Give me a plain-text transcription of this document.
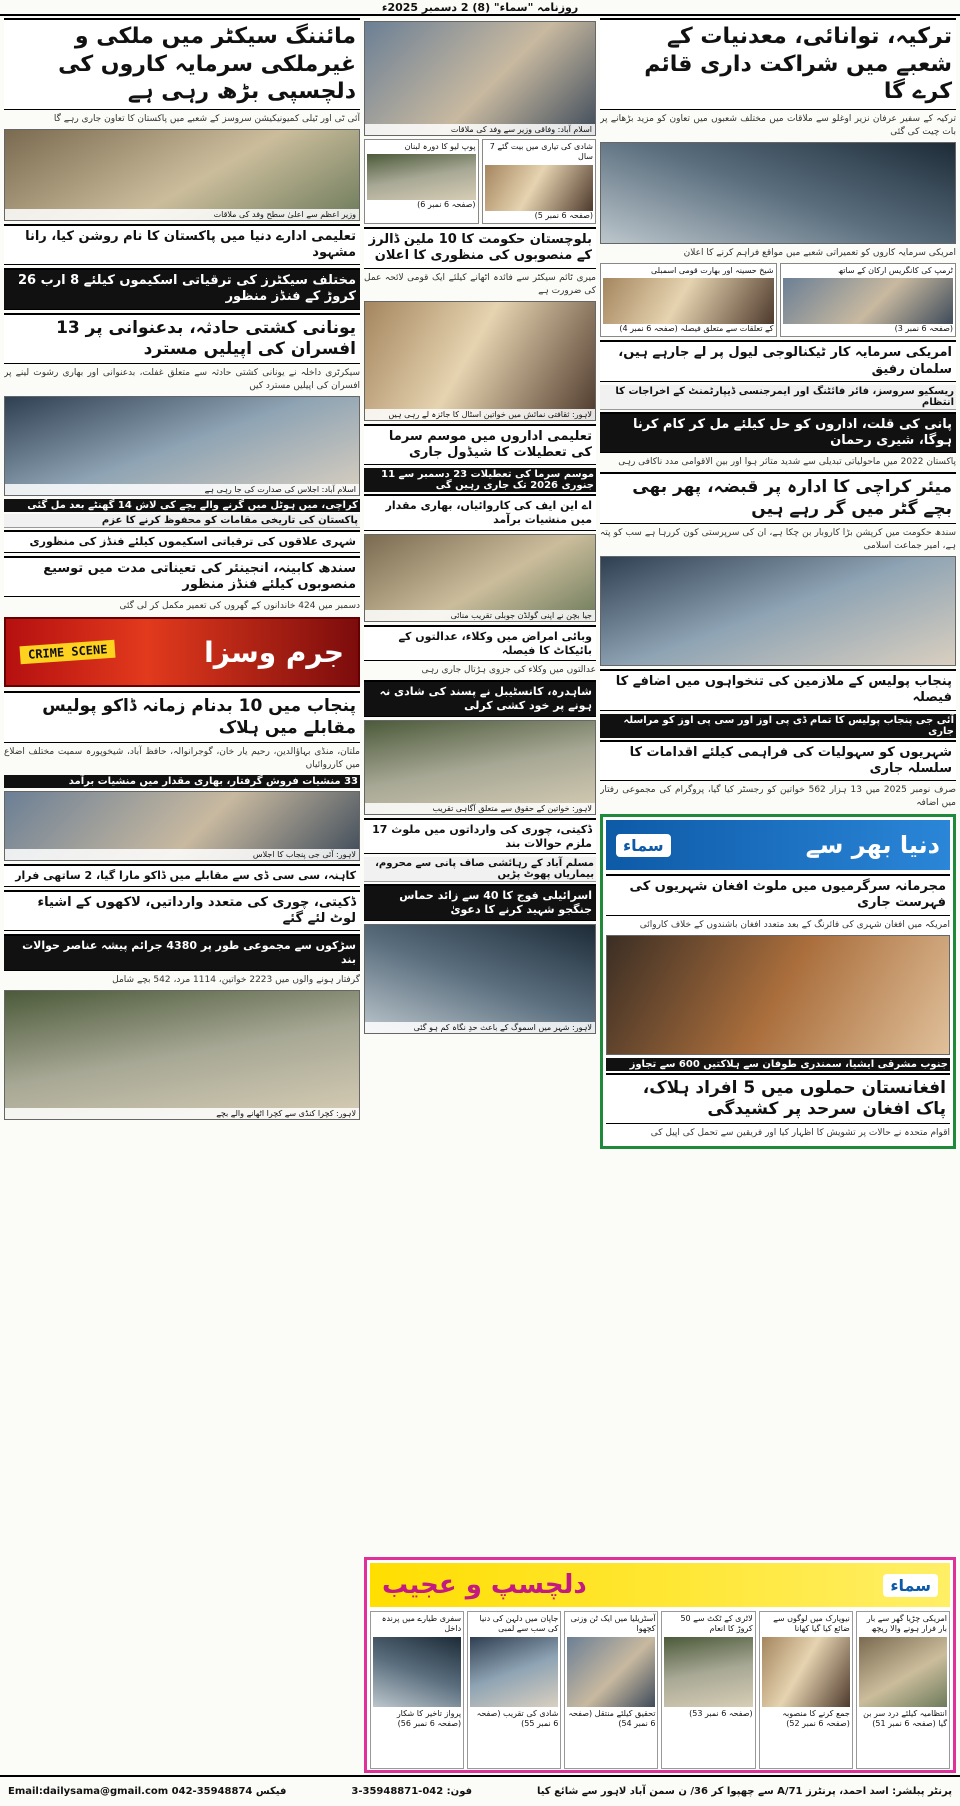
روزنامہ "سماء" (8) 2 دسمبر 2025ء
ترکیہ، توانائی، معدنیات کے شعبے میں شراکت داری قائم کرے گا
ترکیہ کے سفیر عرفان نزیر اوغلو سے ملاقات میں مختلف شعبوں میں تعاون کو مزید بڑھانے پر بات چیت کی گئی
امریکی سرمایہ کاروں کو تعمیراتی شعبے میں مواقع فراہم کرنے کا اعلان
ٹرمپ کی کانگریس ارکان کے ساتھ
(صفحہ 6 نمبر 3)
شیخ حسینہ اور بھارت قومی اسمبلی
کے تعلقات سے متعلق فیصلہ (صفحہ 6 نمبر 4)
امریکی سرمایہ کار ٹیکنالوجی لیول پر لے جارہے ہیں، سلمان رفیق
ریسکیو سروسز، فائر فائٹنگ اور ایمرجنسی ڈیپارٹمنٹ کے اخراجات کا انتظام
پانی کی قلت، اداروں کو حل کیلئے مل کر کام کرنا ہوگا، شیری رحمان
پاکستان 2022 میں ماحولیاتی تبدیلی سے شدید متاثر ہوا اور بین الاقوامی مدد ناکافی رہی
میئر کراچی کا ادارہ پر قبضہ، پھر بھی بچے گٹر میں گر رہے ہیں
سندھ حکومت میں کرپشن بڑا کاروبار بن چکا ہے، ان کی سرپرستی کون کررہا ہے سب کو پتہ ہے، امیر جماعت اسلامی
پنجاب پولیس کے ملازمین کی تنخواہوں میں اضافے کا فیصلہ
آئی جی پنجاب پولیس کا تمام ڈی پی اوز اور سی پی اوز کو مراسلہ جاری
شہریوں کو سہولیات کی فراہمی کیلئے اقدامات کا سلسلہ جاری
صرف نومبر 2025 میں 13 ہزار 562 خواتین کو رجسٹر کیا گیا، پروگرام کی مجموعی رفتار میں اضافہ
دنیا بھر سے
سماء
مجرمانہ سرگرمیوں میں ملوث افغان شہریوں کی فہرست جاری
امریکہ میں افغان شہری کی فائرنگ کے بعد متعدد افغان باشندوں کے خلاف کاروائی
جنوب مشرقی ایشیا، سمندری طوفان سے ہلاکتیں 600 سے تجاوز
افغانستان حملوں میں 5 افراد ہلاک، پاک افغان سرحد پر کشیدگی
اقوام متحدہ نے حالات پر تشویش کا اظہار کیا اور فریقین سے تحمل کی اپیل کی
اسلام آباد: وفاقی وزیر سے وفد کی ملاقات
شادی کی تیاری میں بیت گئے 7 سال
(صفحہ 6 نمبر 5)
پوپ لیو کا دورہ لبنان
(صفحہ 6 نمبر 6)
بلوچستان حکومت کا 10 ملین ڈالرز کے منصوبوں کی منظوری کا اعلان
میری ٹائم سیکٹر سے فائدہ اٹھانے کیلئے ایک قومی لائحہ عمل کی ضرورت ہے
لاہور: ثقافتی نمائش میں خواتین اسٹال کا جائزہ لے رہی ہیں
تعلیمی اداروں میں موسم سرما کی تعطیلات کا شیڈول جاری
موسم سرما کی تعطیلات 23 دسمبر سے 11 جنوری 2026 تک جاری رہیں گی
اے این ایف کی کاروائیاں، بھاری مقدار میں منشیات برآمد
جیا بچن نے اپنی گولڈن جوبلی تقریب منائی
وبائی امراض میں وکلاء، عدالتوں کے بائیکاٹ کا فیصلہ
عدالتوں میں وکلاء کی جزوی ہڑتال جاری رہی
شاہدرہ، کانسٹیبل نے پسند کی شادی نہ ہونے پر خود کشی کرلی
لاہور: خواتین کے حقوق سے متعلق آگاہی تقریب
ڈکیتی، چوری کی وارداتوں میں ملوث 17 ملزم حوالات بند
مسلم آباد کے رہائشی صاف پانی سے محروم، بیماریاں پھوٹ پڑیں
اسرائیلی فوج کا 40 سے زائد حماس جنگجو شہید کرنے کا دعویٰ
لاہور: شہر میں اسموگ کے باعث حدِ نگاہ کم ہو گئی
مائننگ سیکٹر میں ملکی و غیرملکی سرمایہ کاروں کی دلچسپی بڑھ رہی ہے
آئی ٹی اور ٹیلی کمیونیکیشن سروسز کے شعبے میں پاکستان کا تعاون جاری رہے گا
وزیر اعظم سے اعلیٰ سطح وفد کی ملاقات
تعلیمی ادارے دنیا میں پاکستان کا نام روشن کیا، رانا مشہود
مختلف سیکٹرز کی ترقیاتی اسکیموں کیلئے 8 ارب 26 کروڑ کے فنڈز منظور
یونانی کشتی حادثہ، بدعنوانی پر 13 افسران کی اپیلیں مسترد
سیکرٹری داخلہ نے یونانی کشتی حادثہ سے متعلق غفلت، بدعنوانی اور بھاری رشوت لینے پر افسران کی اپیلیں مسترد کیں
اسلام آباد: اجلاس کی صدارت کی جا رہی ہے
کراچی، میں ہوٹل میں گرنے والے بچے کی لاش 14 گھنٹے بعد مل گئی
پاکستان کی تاریخی مقامات کو محفوظ کرنے کا عزم
شہری علاقوں کی ترقیاتی اسکیموں کیلئے فنڈز کی منظوری
سندھ کابینہ، انجینئر کی تعیناتی مدت میں توسیع منصوبوں کیلئے فنڈز منظور
دسمبر میں 424 خاندانوں کے گھروں کی تعمیر مکمل کر لی گئی
جرم وسزا
CRIME SCENE
پنجاب میں 10 بدنام زمانہ ڈاکو پولیس مقابلے میں ہلاک
ملتان، منڈی بہاؤالدین، رحیم یار خان، گوجرانوالہ، حافظ آباد، شیخوپورہ سمیت مختلف اضلاع میں کارروائیاں
33 منشیات فروش گرفتار، بھاری مقدار میں منشیات برآمد
لاہور: آئی جی پنجاب کا اجلاس
کاہنہ، سی سی ڈی سے مقابلے میں ڈاکو مارا گیا، 2 ساتھی فرار
ڈکیتی، چوری کی متعدد وارداتیں، لاکھوں کے اشیاء لوٹ لئے گئے
سڑکوں سے مجموعی طور پر 4380 جرائم پیشہ عناصر حوالات بند
گرفتار ہونے والوں میں 2223 خواتین، 1114 مرد، 542 بچے شامل
لاہور: کچرا کنڈی سے کچرا اٹھانے والے بچے
سماء
دلچسپ و عجیب
امریکی چڑیا گھر سے بار بار فرار ہونے والا ریچھ
انتظامیہ کیلئے درد سر بن گیا (صفحہ 6 نمبر 51)
نیویارک میں لوگوں سے ضائع کیا گیا کھانا
جمع کرنے کا منصوبہ (صفحہ 6 نمبر 52)
لاٹری کے ٹکٹ سے 50 کروڑ کا انعام
(صفحہ 6 نمبر 53)
آسٹریلیا میں ایک ٹن وزنی کچھوا
تحقیق کیلئے منتقل (صفحہ 6 نمبر 54)
جاپان میں دلہن کی دنیا کی سب سے لمبی
شادی کی تقریب (صفحہ 6 نمبر 55)
سفری طیارے میں پرندہ داخل
پرواز تاخیر کا شکار (صفحہ 6 نمبر 56)
پرنٹر پبلشر: اسد احمد، پرنٹرز 71/A سے چھپوا کر 36/ ن سمن آباد لاہور سے شائع کیا
فون: 042-35948871-3
Email:dailysama@gmail.com 042-35948874 فیکس
